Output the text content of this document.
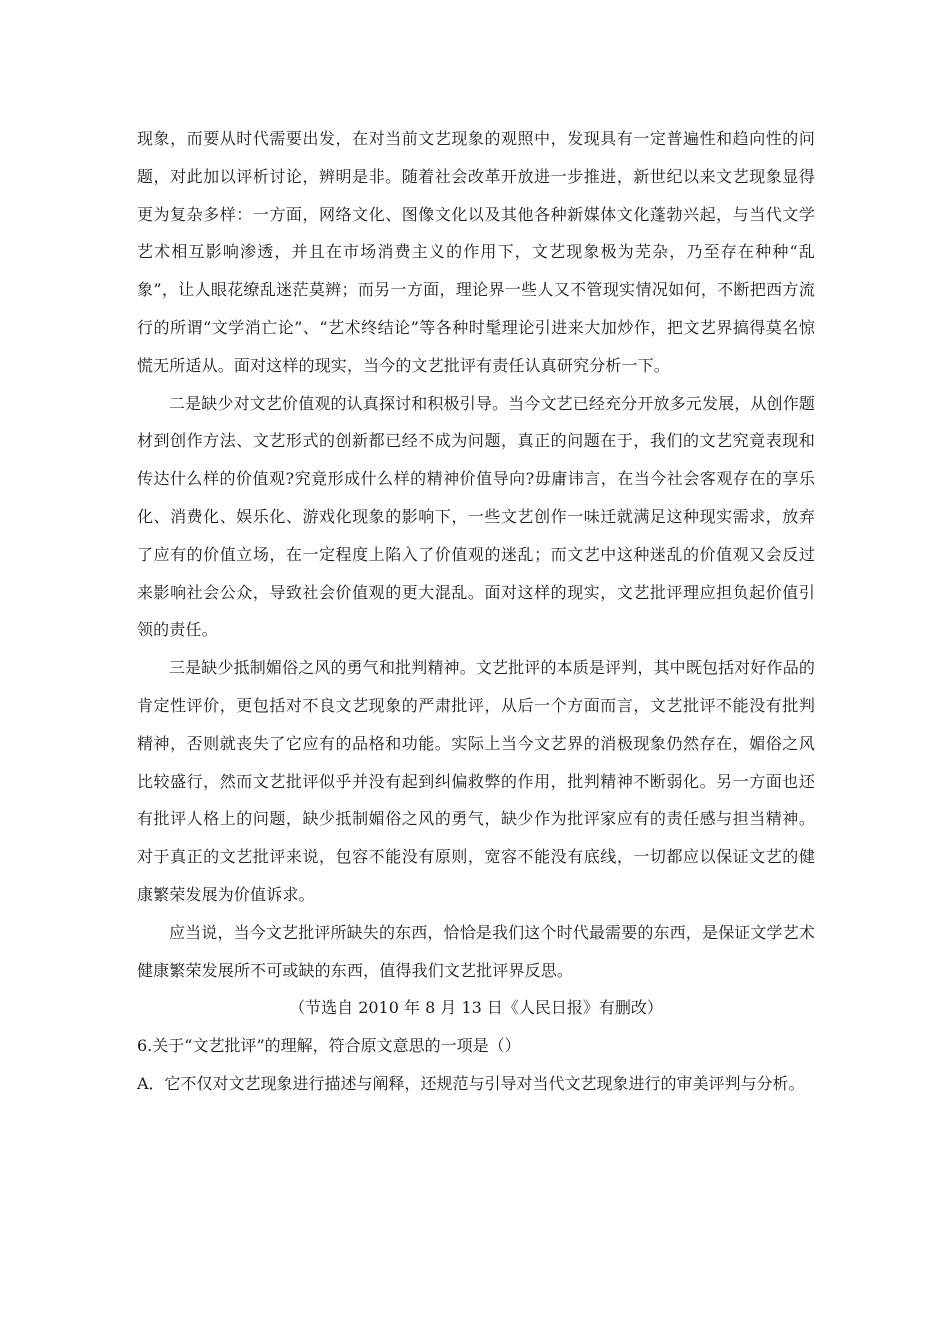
现象，而要从时代需要出发，在对当前文艺现象的观照中，发现具有一定普遍性和趋向性的问题，对此加以评析讨论，辨明是非。随着社会改革开放进一步推进，新世纪以来文艺现象显得更为复杂多样：一方面，网络文化、图像文化以及其他各种新媒体文化蓬勃兴起，与当代文学艺术相互影响渗透，并且在市场消费主义的作用下，文艺现象极为芜杂，乃至存在种种“乱象”，让人眼花缭乱迷茫莫辨；而另一方面，理论界一些人又不管现实情况如何，不断把西方流行的所谓“文学消亡论”、“艺术终结论”等各种时髦理论引进来大加炒作，把文艺界搞得莫名惊慌无所适从。面对这样的现实，当今的文艺批评有责任认真研究分析一下。

二是缺少对文艺价值观的认真探讨和积极引导。当今文艺已经充分开放多元发展，从创作题材到创作方法、文艺形式的创新都已经不成为问题，真正的问题在于，我们的文艺究竟表现和传达什么样的价值观?究竟形成什么样的精神价值导向?毋庸讳言，在当今社会客观存在的享乐化、消费化、娱乐化、游戏化现象的影响下，一些文艺创作一味迁就满足这种现实需求，放弃了应有的价值立场，在一定程度上陷入了价值观的迷乱；而文艺中这种迷乱的价值观又会反过来影响社会公众，导致社会价值观的更大混乱。面对这样的现实，文艺批评理应担负起价值引领的责任。

三是缺少抵制媚俗之风的勇气和批判精神。文艺批评的本质是评判，其中既包括对好作品的肯定性评价，更包括对不良文艺现象的严肃批评，从后一个方面而言，文艺批评不能没有批判精神，否则就丧失了它应有的品格和功能。实际上当今文艺界的消极现象仍然存在，媚俗之风比较盛行，然而文艺批评似乎并没有起到纠偏救弊的作用，批判精神不断弱化。另一方面也还有批评人格上的问题，缺少抵制媚俗之风的勇气，缺少作为批评家应有的责任感与担当精神。对于真正的文艺批评来说，包容不能没有原则，宽容不能没有底线，一切都应以保证文艺的健康繁荣发展为价值诉求。

应当说，当今文艺批评所缺失的东西，恰恰是我们这个时代最需要的东西，是保证文学艺术健康繁荣发展所不可或缺的东西，值得我们文艺批评界反思。

（节选自 2010 年 8 月 13 日《人民日报》有删改）

6.关于“文艺批评”的理解，符合原文意思的一项是（）

A．它不仅对文艺现象进行描述与阐释，还规范与引导对当代文艺现象进行的审美评判与分析。
